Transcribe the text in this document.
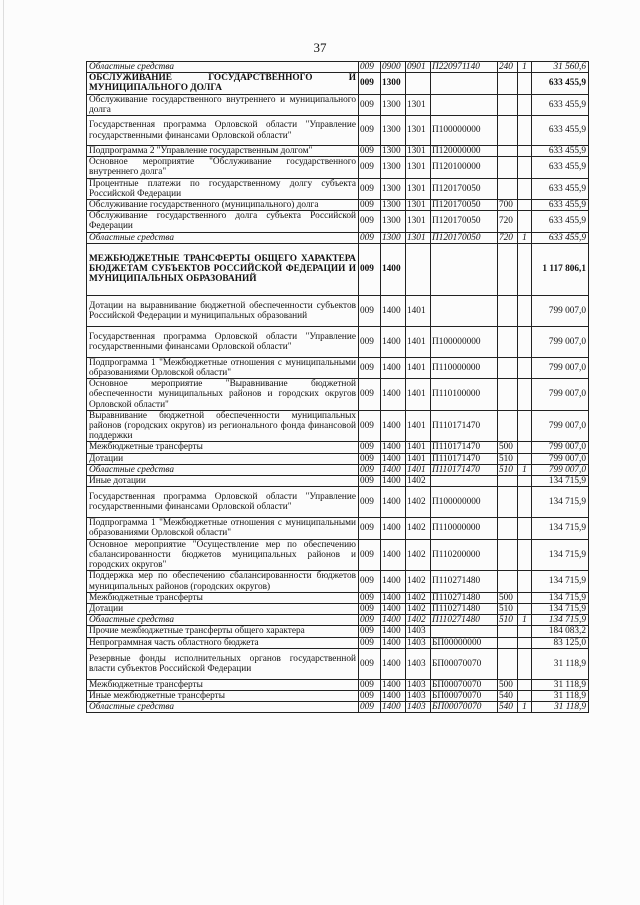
37
Областные средства	009	0900	0901	П220971140	240	1	31 560,6
ОБСЛУЖИВАНИЕ ГОСУДАРСТВЕННОГО И МУНИЦИПАЛЬНОГО ДОЛГА	009	1300					633 455,9
Обслуживание государственного внутреннего и муниципального долга	009	1300	1301				633 455,9
Государственная программа Орловской области "Управление государственными финансами Орловской области"	009	1300	1301	П100000000			633 455,9
Подпрограмма 2 "Управление государственным долгом"	009	1300	1301	П120000000			633 455,9
Основное мероприятие "Обслуживание государственного внутреннего долга"	009	1300	1301	П120100000			633 455,9
Процентные платежи по государственному долгу субъекта Российской Федерации	009	1300	1301	П120170050			633 455,9
Обслуживание государственного (муниципального) долга	009	1300	1301	П120170050	700		633 455,9
Обслуживание государственного долга субъекта Российской Федерации	009	1300	1301	П120170050	720		633 455,9
Областные средства	009	1300	1301	П120170050	720	1	633 455,9
МЕЖБЮДЖЕТНЫЕ ТРАНСФЕРТЫ ОБЩЕГО ХАРАКТЕРА БЮДЖЕТАМ СУБЪЕКТОВ РОССИЙСКОЙ ФЕДЕРАЦИИ И МУНИЦИПАЛЬНЫХ ОБРАЗОВАНИЙ	009	1400					1 117 806,1
Дотации на выравнивание бюджетной обеспеченности субъектов Российской Федерации и муниципальных образований	009	1400	1401				799 007,0
Государственная программа Орловской области "Управление государственными финансами Орловской области"	009	1400	1401	П100000000			799 007,0
Подпрограмма 1 "Межбюджетные отношения с муниципальными образованиями Орловской области"	009	1400	1401	П110000000			799 007,0
Основное мероприятие "Выравнивание бюджетной обеспеченности муниципальных районов и городских округов Орловской области"	009	1400	1401	П110100000			799 007,0
Выравнивание бюджетной обеспеченности муниципальных районов (городских округов) из регионального фонда финансовой поддержки	009	1400	1401	П110171470			799 007,0
Межбюджетные трансферты	009	1400	1401	П110171470	500		799 007,0
Дотации	009	1400	1401	П110171470	510		799 007,0
Областные средства	009	1400	1401	П110171470	510	1	799 007,0
Иные дотации	009	1400	1402				134 715,9
Государственная программа Орловской области "Управление государственными финансами Орловской области"	009	1400	1402	П100000000			134 715,9
Подпрограмма 1 "Межбюджетные отношения с муниципальными образованиями Орловской области"	009	1400	1402	П110000000			134 715,9
Основное мероприятие "Осуществление мер по обеспечению сбалансированности бюджетов муниципальных районов и городских округов"	009	1400	1402	П110200000			134 715,9
Поддержка мер по обеспечению сбалансированности бюджетов муниципальных районов (городских округов)	009	1400	1402	П110271480			134 715,9
Межбюджетные трансферты	009	1400	1402	П110271480	500		134 715,9
Дотации	009	1400	1402	П110271480	510		134 715,9
Областные средства	009	1400	1402	П110271480	510	1	134 715,9
Прочие межбюджетные трансферты общего характера	009	1400	1403				184 083,2
Непрограммная часть областного бюджета	009	1400	1403	БП00000000			83 125,0
Резервные фонды исполнительных органов государственной власти субъектов Российской Федерации	009	1400	1403	БП00070070			31 118,9
Межбюджетные трансферты	009	1400	1403	БП00070070	500		31 118,9
Иные межбюджетные трансферты	009	1400	1403	БП00070070	540		31 118,9
Областные средства	009	1400	1403	БП00070070	540	1	31 118,9
